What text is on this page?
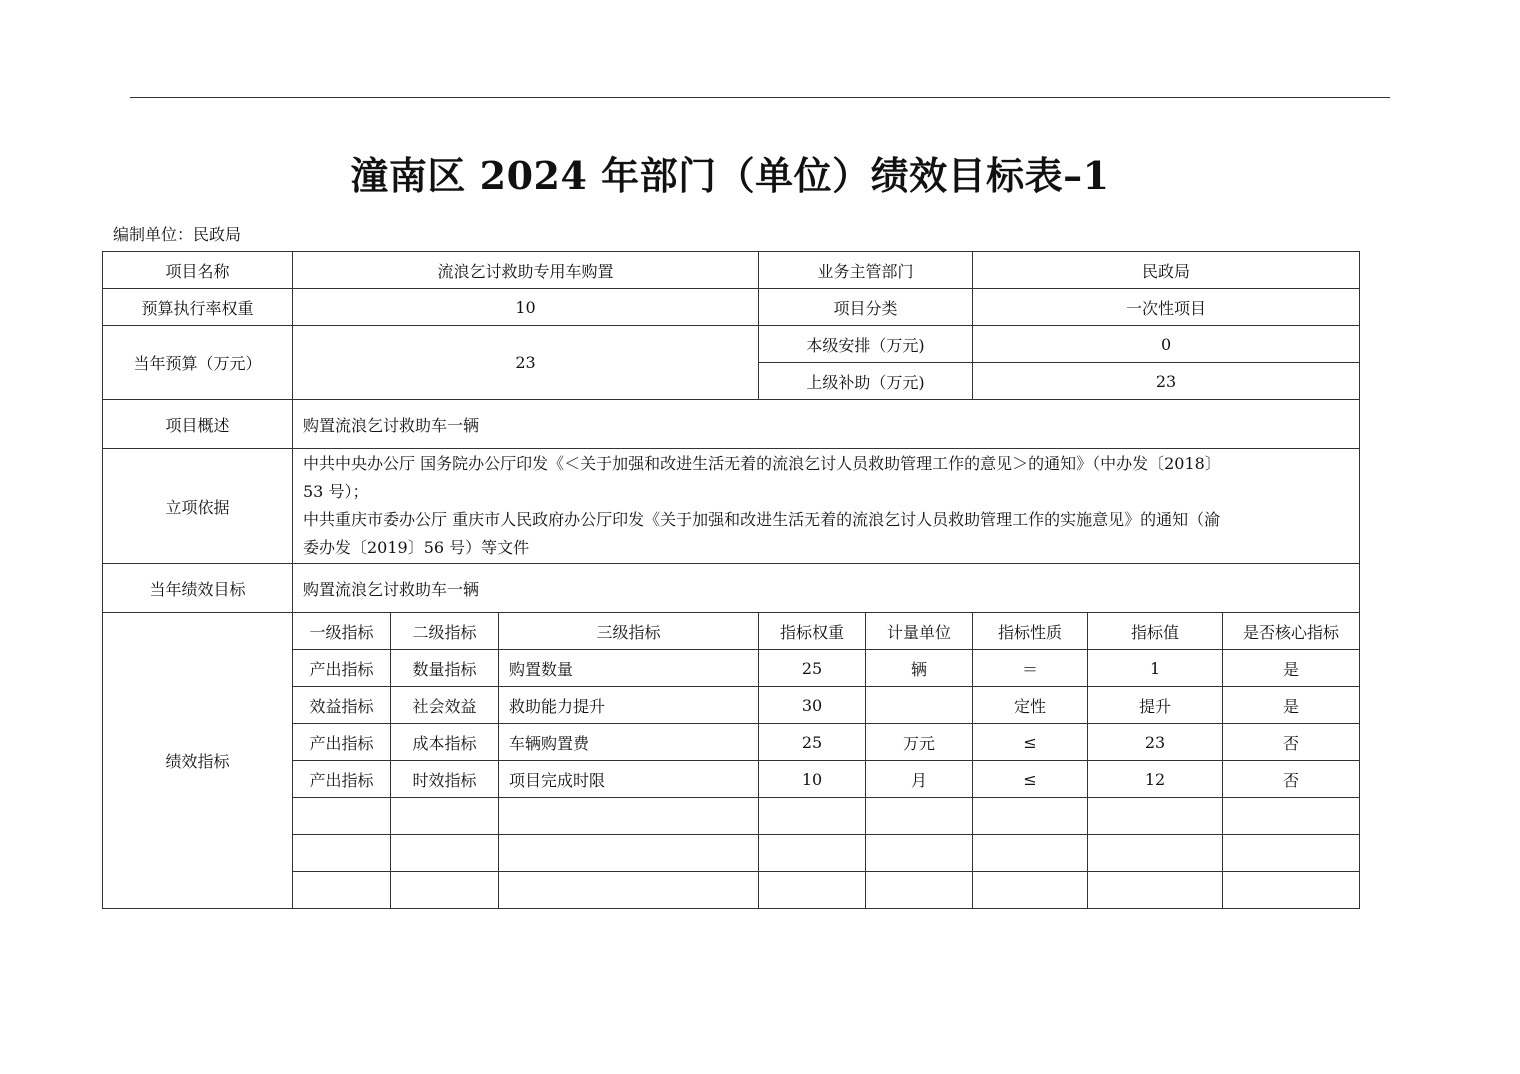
潼南区 2024 年部门（单位）绩效目标表–1
编制单位：民政局
项目名称	流浪乞讨救助专用车购置			业务主管部门		民政局		
预算执行率权重	10			项目分类		一次性项目		
当年预算（万元）	23			本级安排（万元)		0		
				上级补助（万元)		23		
项目概述	购置流浪乞讨救助车一辆							
立项依据	中共中央办公厅 国务院办公厅印发《＜关于加强和改进生活无着的流浪乞讨人员救助管理工作的意见＞的通知》（中办发〔2018〕
53 号）；
中共重庆市委办公厅 重庆市人民政府办公厅印发《关于加强和改进生活无着的流浪乞讨人员救助管理工作的实施意见》的通知（渝
委办发〔2019〕56 号）等文件							

当年绩效目标	购置流浪乞讨救助车一辆							
绩效指标	一级指标	二级指标	三级指标	指标权重	计量单位	指标性质	指标值	是否核心指标
	产出指标	数量指标	购置数量	25	辆	＝	1	是
	效益指标	社会效益	救助能力提升	30		定性	提升	是
	产出指标	成本指标	车辆购置费	25	万元	≤	23	否
	产出指标	时效指标	项目完成时限	10	月	≤	12	否
